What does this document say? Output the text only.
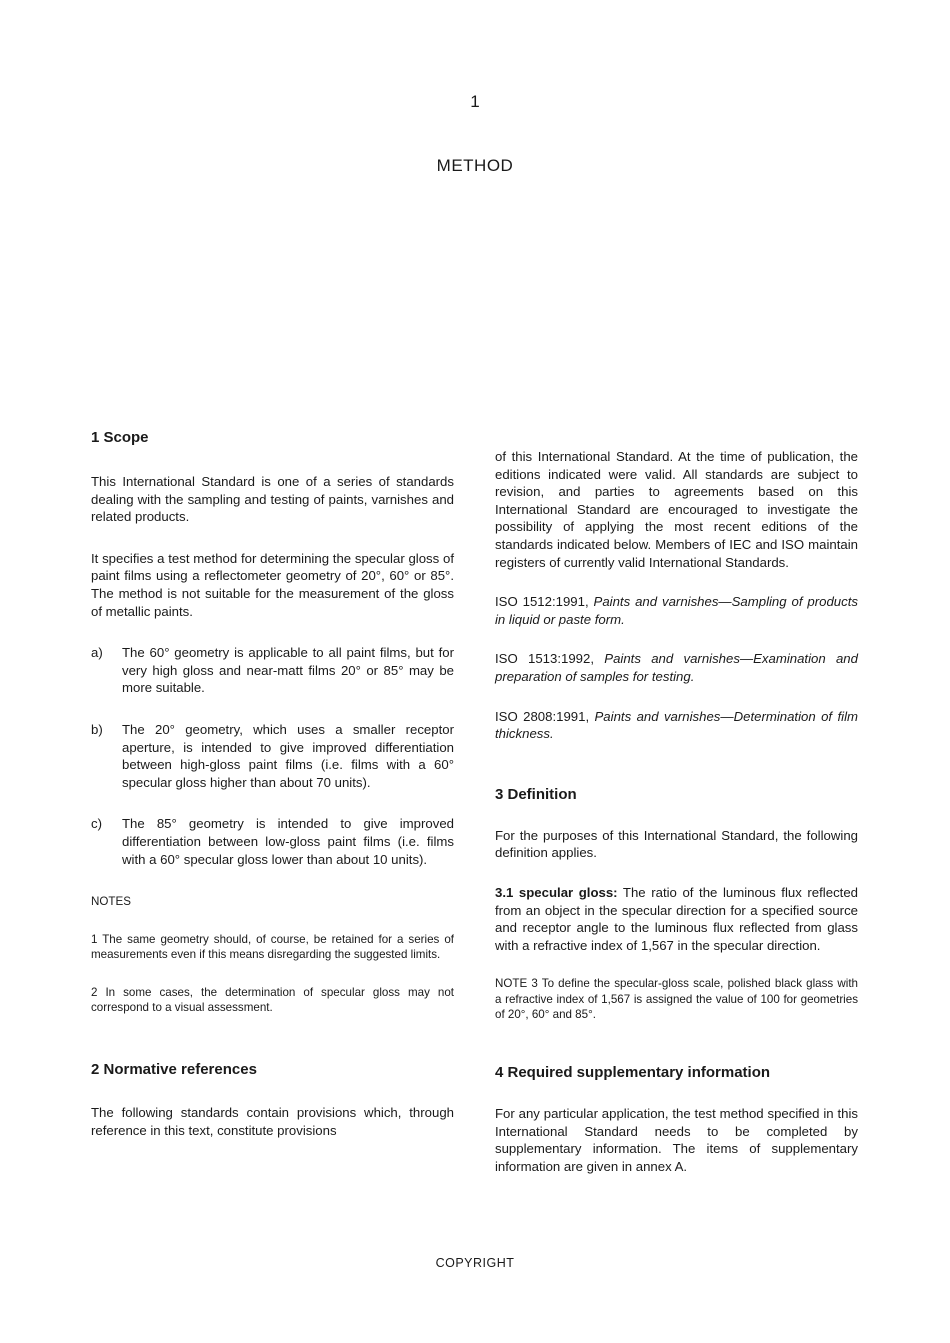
1
METHOD
1 Scope

This International Standard is one of a series of standards dealing with the sampling and testing of paints, varnishes and related products.

It specifies a test method for determining the specular gloss of paint films using a reflectometer geometry of 20°, 60° or 85°. The method is not suitable for the measurement of the gloss of metallic paints.

a)	The 60° geometry is applicable to all paint films, but for very high gloss and near-matt films 20° or 85° may be more suitable.
b)	The 20° geometry, which uses a smaller receptor aperture, is intended to give improved differentiation between high-gloss paint films (i.e. films with a 60° specular gloss higher than about 70 units).
c)	The 85° geometry is intended to give improved differentiation between low-gloss paint films (i.e. films with a 60° specular gloss lower than about 10 units).

NOTES

1 The same geometry should, of course, be retained for a series of measurements even if this means disregarding the suggested limits.

2 In some cases, the determination of specular gloss may not correspond to a visual assessment.

2 Normative references

The following standards contain provisions which, through reference in this text, constitute provisions

of this International Standard. At the time of publication, the editions indicated were valid. All standards are subject to revision, and parties to agreements based on this International Standard are encouraged to investigate the possibility of applying the most recent editions of the standards indicated below. Members of IEC and ISO maintain registers of currently valid International Standards.

ISO 1512:1991, Paints and varnishes—Sampling of products in liquid or paste form.

ISO 1513:1992, Paints and varnishes—Examination and preparation of samples for testing.

ISO 2808:1991, Paints and varnishes—Determination of film thickness.

3 Definition

For the purposes of this International Standard, the following definition applies.

3.1 specular gloss: The ratio of the luminous flux reflected from an object in the specular direction for a specified source and receptor angle to the luminous flux reflected from glass with a refractive index of 1,567 in the specular direction.

NOTE 3 To define the specular-gloss scale, polished black glass with a refractive index of 1,567 is assigned the value of 100 for geometries of 20°, 60° and 85°.

4 Required supplementary information

For any particular application, the test method specified in this International Standard needs to be completed by supplementary information. The items of supplementary information are given in annex A.

COPYRIGHT
